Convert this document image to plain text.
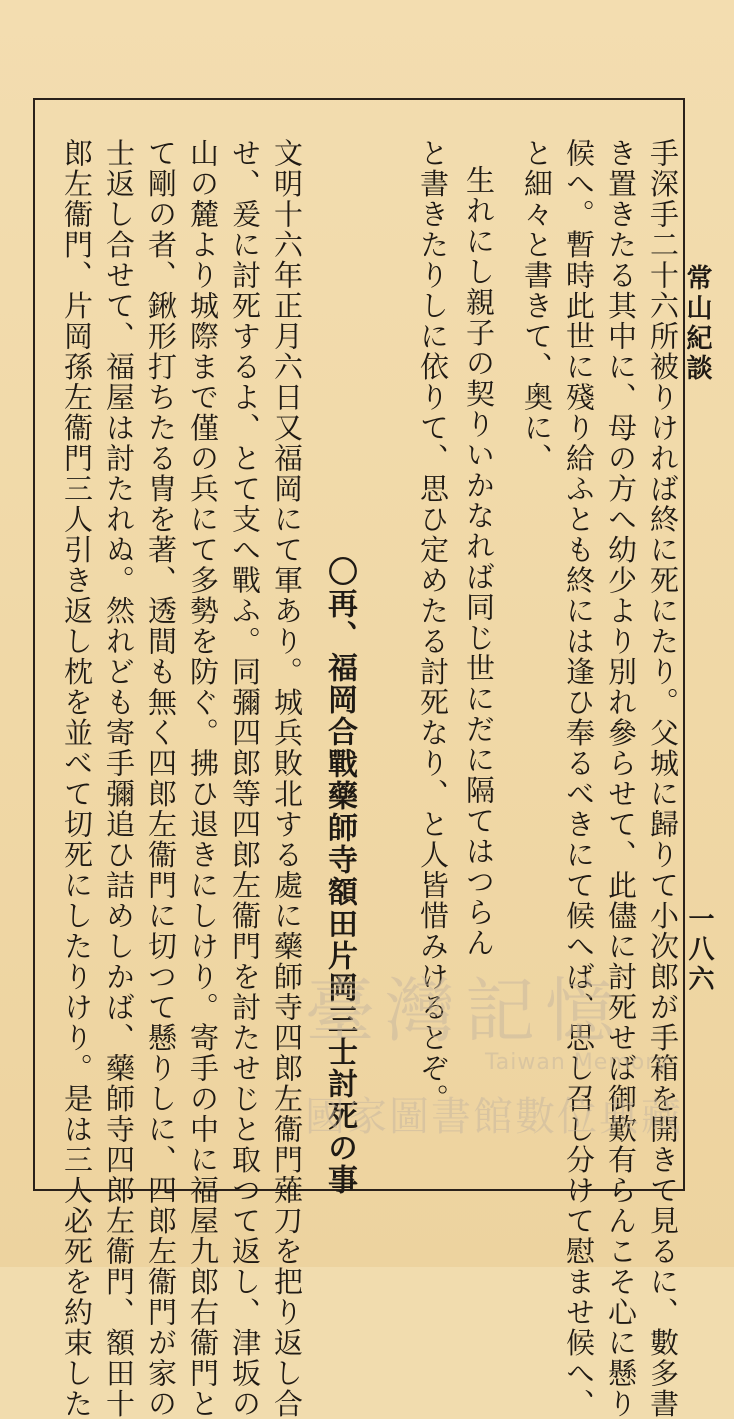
常山紀談
一八六
手深手二十六所被りければ終に死にたり。父城に歸りて小次郎が手箱を開きて見るに、數多書
き置きたる其中に、母の方へ幼少より別れ參らせて、此儘に討死せば御歎有らんこそ心に懸り
候へ。暫時此世に殘り給ふとも終には逢ひ奉るべきにて候へば、思し召し分けて慰ませ候へ、
と細々と書きて、奥に、
生れにし親子の契りいかなれば同じ世にだに隔てはつらん
と書きたりしに依りて、思ひ定めたる討死なり、と人皆惜みけるとぞ。
〇再、福岡合戰藥師寺額田片岡三士討死の事
文明十六年正月六日又福岡にて軍あり。城兵敗北する處に藥師寺四郎左衞門薙刀を把り返し合
せ、爰に討死するよ、とて支へ戰ふ。同彌四郎等四郎左衞門を討たせじと取つて返し、津坂の
山の麓より城際まで僅の兵にて多勢を防ぐ。拂ひ退きにしけり。寄手の中に福屋九郎右衞門と
て剛の者、鍬形打ちたる冑を著、透間も無く四郎左衞門に切つて懸りしに、四郎左衞門が家の
士返し合せて、福屋は討たれぬ。然れども寄手彌追ひ詰めしかば、藥師寺四郎左衞門、額田十
郎左衞門、片岡孫左衞門三人引き返し枕を並べて切死にしたりけり。是は三人必死を約束した	臺灣記憶
Taiwan Memory
國家圖書館數位典藏
